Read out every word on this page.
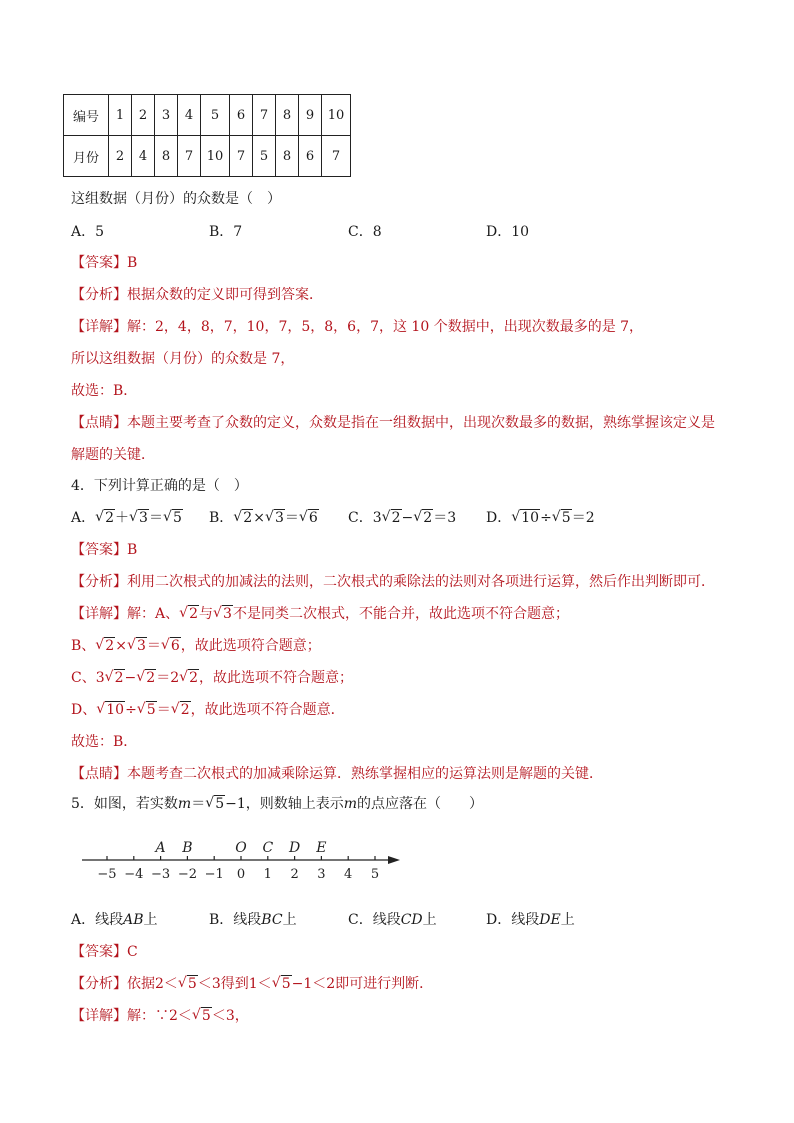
编号	1	2	3	4	5	6	7	8	9	10
月份	2	4	8	7	10	7	5	8	6	7
这组数据（月份）的众数是（　）
A．5	B．7	C．8	D．10
【答案】B
【分析】根据众数的定义即可得到答案．
【详解】解：2，4，8，7，10，7，5，8，6，7，这 10 个数据中，出现次数最多的是 7，
所以这组数据（月份）的众数是 7，
故选：B．
【点睛】本题主要考查了众数的定义，众数是指在一组数据中，出现次数最多的数据，熟练掌握该定义是
解题的关键．
4．下列计算正确的是（　）
A． √ 2＋ √ 3＝ √ 5 B． √ 2× √ 3＝ √ 6 C．3 √ 2− √ 2＝3 D． √ 10÷ √ 5＝2
【答案】B
【分析】利用二次根式的加减法的法则，二次根式的乘除法的法则对各项进行运算，然后作出判断即可．
【详解】解：A、 √ 2与 √ 3不是同类二次根式，不能合并，故此选项不符合题意；
B、 √ 2× √ 3＝ √ 6，故此选项符合题意；
C、3 √ 2− √ 2＝2 √ 2，故此选项不符合题意；
D、 √ 10÷ √ 5＝ √ 2，故此选项不符合题意．
故选：B．
【点睛】本题考查二次根式的加减乘除运算．熟练掌握相应的运算法则是解题的关键．
5．如图，若实数m＝ √ 5−1，则数轴上表示m的点应落在（　　）
−5 −4 −3 −2 −1 0 1 2 3 4 5
A B	O C D E
A．线段AB上	B．线段BC上	C．线段CD上	D．线段DE上
【答案】C
【分析】依据2＜ √ 5＜3得到1＜ √ 5−1＜2即可进行判断．
【详解】解：∵2＜ √ 5＜3，
